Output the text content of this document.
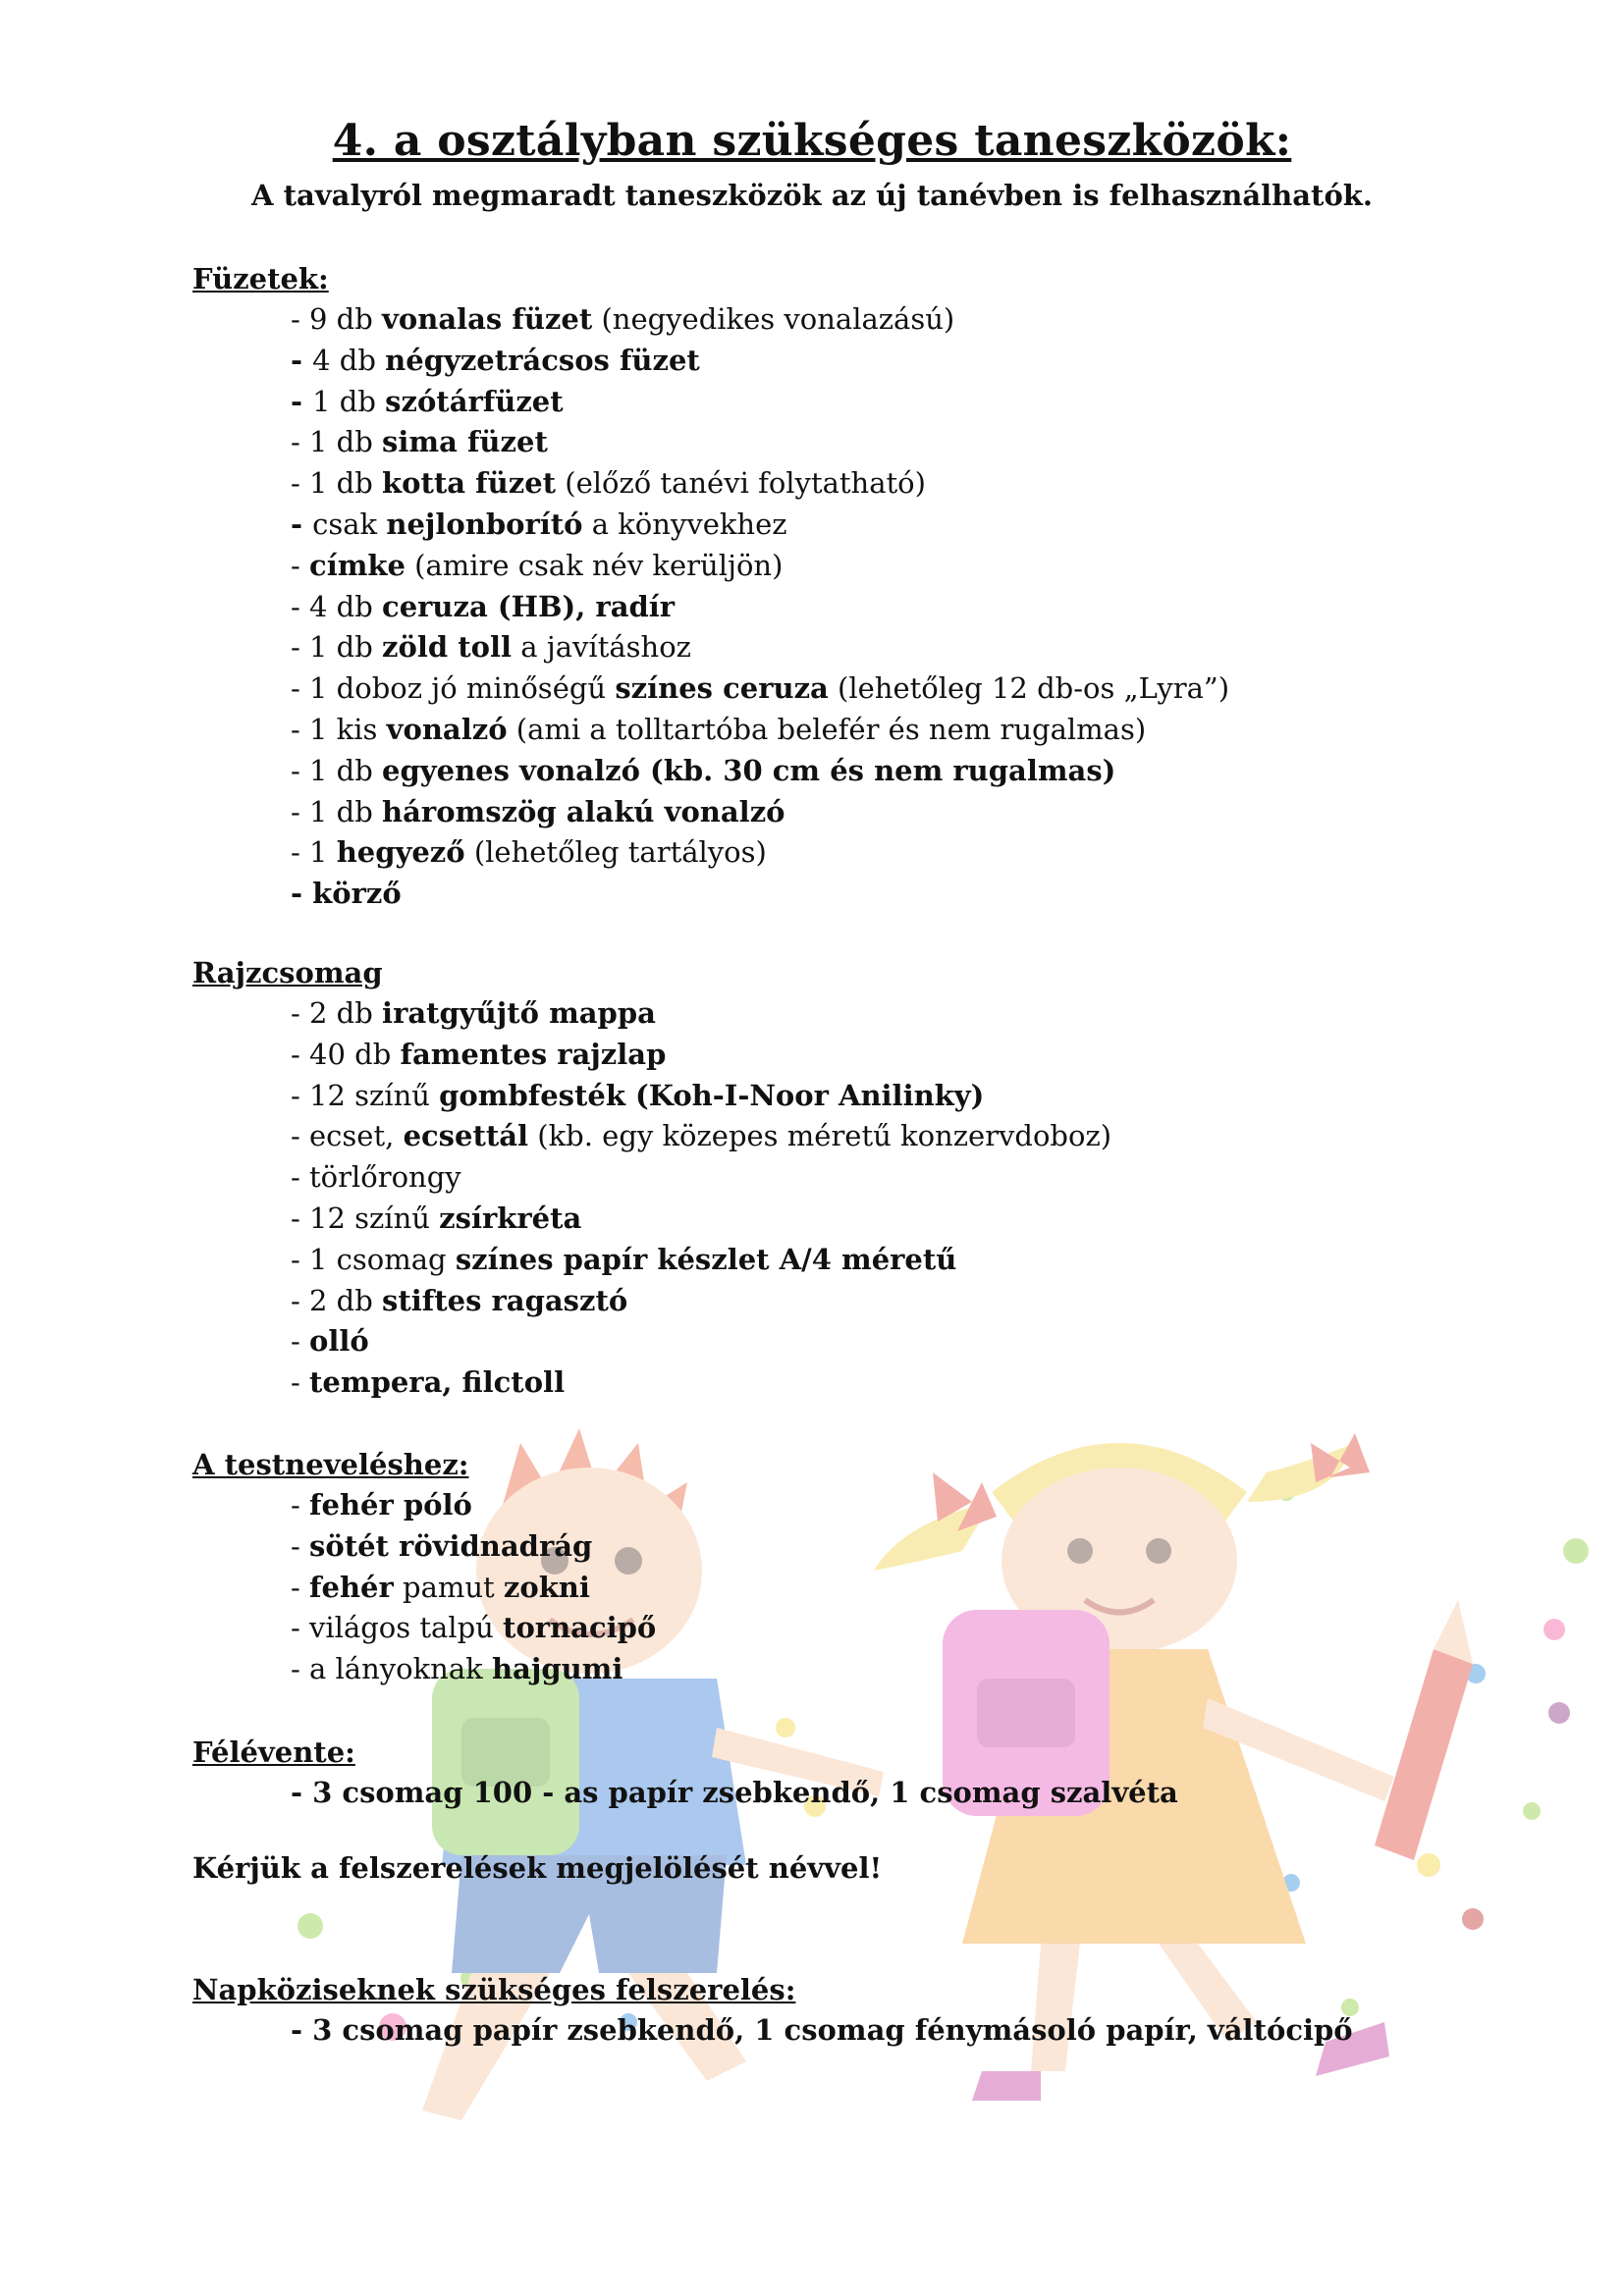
4. a osztályban szükséges taneszközök:
A tavalyról megmaradt taneszközök az új tanévben is felhasználhatók.
Füzetek:
- 9 db vonalas füzet (negyedikes vonalazású)
- 4 db négyzetrácsos füzet
- 1 db szótárfüzet
- 1 db sima füzet
- 1 db kotta füzet (előző tanévi folytatható)
- csak nejlonborító a könyvekhez
- címke (amire csak név kerüljön)
- 4 db ceruza (HB), radír
- 1 db zöld toll a javításhoz
- 1 doboz jó minőségű színes ceruza (lehetőleg 12 db-os „Lyra”)
- 1 kis vonalzó (ami a tolltartóba belefér és nem rugalmas)
- 1 db egyenes vonalzó (kb. 30 cm és nem rugalmas)
- 1 db háromszög alakú vonalzó
- 1 hegyező (lehetőleg tartályos)
- körző
Rajzcsomag
- 2 db iratgyűjtő mappa
- 40 db famentes rajzlap
- 12 színű gombfesték (Koh-I-Noor Anilinky)
- ecset, ecsettál (kb. egy közepes méretű konzervdoboz)
- törlőrongy
- 12 színű zsírkréta
- 1 csomag színes papír készlet A/4 méretű
- 2 db stiftes ragasztó
- olló
- tempera, filctoll
A testneveléshez:
- fehér póló
- sötét rövidnadrág
- fehér pamut zokni
- világos talpú tornacipő
- a lányoknak hajgumi
Félévente:
- 3 csomag 100 - as papír zsebkendő, 1 csomag szalvéta
Kérjük a felszerelések megjelölését névvel!
Napköziseknek szükséges felszerelés:
- 3 csomag papír zsebkendő, 1 csomag fénymásoló papír, váltócipő
